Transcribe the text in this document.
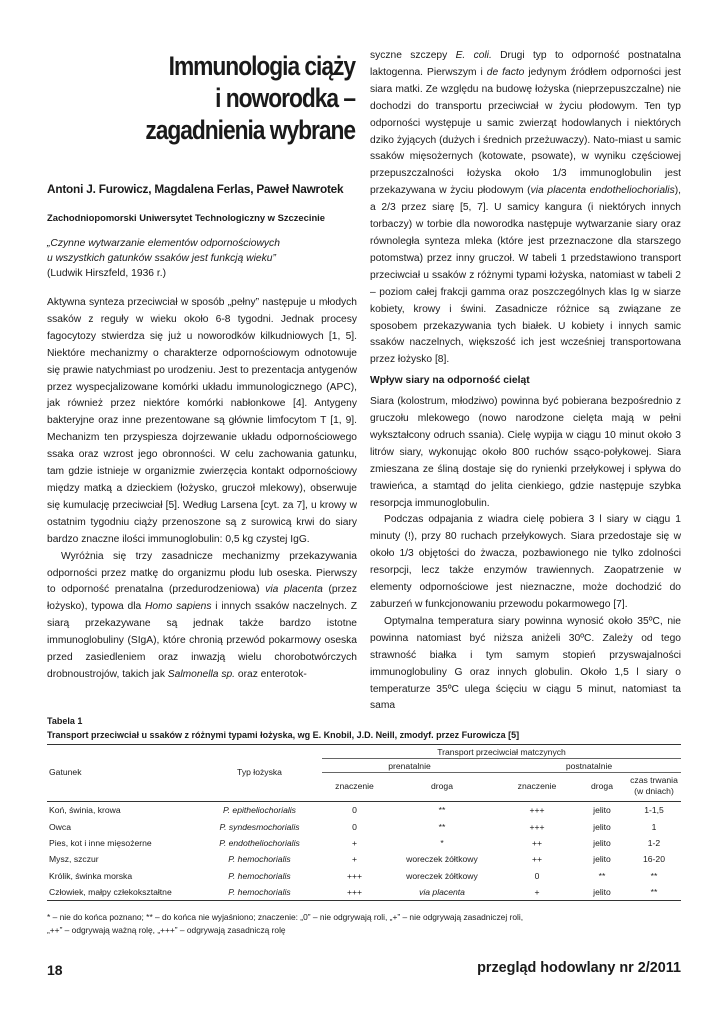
Immunologia ciąży
i noworodka –
zagadnienia wybrane
Antoni J. Furowicz, Magdalena Ferlas, Paweł Nawrotek
Zachodniopomorski Uniwersytet Technologiczny w Szczecinie
„Czynne wytwarzanie elementów odpornościowych
u wszystkich gatunków ssaków jest funkcją wieku”
(Ludwik Hirszfeld, 1936 r.)

Aktywna synteza przeciwciał w sposób „pełny” następuje u młodych ssaków z reguły w wieku około 6-8 tygodni. Jednak procesy fagocytozy stwierdza się już u noworodków kilkudniowych [1, 5]. Niektóre mechanizmy o charakterze odpornościowym odnotowuje się prawie natychmiast po urodzeniu. Jest to prezentacja antygenów przez wyspecjalizowane komórki układu immunologicznego (APC), jak również przez niektóre komórki nabłonkowe [4]. Antygeny bakteryjne oraz inne prezentowane są głównie limfocytom T [1, 9]. Mechanizm ten przyspiesza dojrzewanie układu odpornościowego ssaka oraz wzrost jego obronności. W celu zachowania gatunku, tam gdzie istnieje w organizmie zwierzęcia kontakt odpornościowy między matką a dzieckiem (łożysko, gruczoł mlekowy), obserwuje się kumulację przeciwciał [5]. Według Larsena [cyt. za 7], u krowy w ostatnim tygodniu ciąży przenoszone są z surowicą krwi do siary bardzo znaczne ilości immunoglobulin: 0,5 kg czystej IgG.

Wyróżnia się trzy zasadnicze mechanizmy przekazywania odporności przez matkę do organizmu płodu lub oseska. Pierwszy to odporność prenatalna (przedurodzeniowa) via placenta (przez łożysko), typowa dla Homo sapiens i innych ssaków naczelnych. Z siarą przekazywane są jednak także bardzo istotne immunoglobuliny (SIgA), które chronią przewód pokarmowy oseska przed zasiedleniem oraz inwazją wielu chorobotwórczych drobnoustrojów, takich jak Salmonella sp. oraz enterotok-

syczne szczepy E. coli. Drugi typ to odporność postnatalna laktogenna. Pierwszym i de facto jedynym źródłem odporności jest siara matki. Ze względu na budowę łożyska (nieprzepuszczalne) nie dochodzi do transportu przeciwciał w życiu płodowym. Ten typ odporności występuje u samic zwierząt hodowlanych i niektórych dziko żyjących (dużych i średnich przeżuwaczy). Nato-miast u samic ssaków mięsożernych (kotowate, psowate), w wyniku częściowej przepuszczalności łożyska około 1/3 immunoglobulin jest przekazywana w życiu płodowym (via placenta endotheliochorialis), a 2/3 przez siarę [5, 7]. U samicy kangura (i niektórych innych torbaczy) w torbie dla noworodka następuje wytwarzanie siary oraz równoległa synteza mleka (które jest przeznaczone dla starszego potomstwa) przez inny gruczoł. W tabeli 1 przedstawiono transport przeciwciał u ssaków z różnymi typami łożyska, natomiast w tabeli 2 – poziom całej frakcji gamma oraz poszczególnych klas Ig w siarze kobiety, krowy i świni. Zasadnicze różnice są związane ze sposobem przekazywania tych białek. U kobiety i innych samic ssaków naczelnych, większość ich jest wcześniej transportowana przez łożysko [8].

Wpływ siary na odporność cieląt

Siara (kolostrum, młodziwo) powinna być pobierana bezpośrednio z gruczołu mlekowego (nowo narodzone cielęta mają w pełni wykształcony odruch ssania). Cielę wypija w ciągu 10 minut około 3 litrów siary, wykonując około 800 ruchów ssąco-połykowej. Siara zmieszana ze śliną dostaje się do rynienki przełykowej i spływa do trawieńca, a stamtąd do jelita cienkiego, gdzie następuje szybka resorpcja immunoglobulin.

Podczas odpajania z wiadra cielę pobiera 3 l siary w ciągu 1 minuty (!), przy 80 ruchach przełykowych. Siara przedostaje się w około 1/3 objętości do żwacza, pozbawionego nie tylko zdolności resorpcji, lecz także enzymów trawiennych. Zaopatrzenie w elementy odpornościowe jest nieznaczne, może dochodzić do zaburzeń w funkcjonowaniu przewodu pokarmowego [7].

Optymalna temperatura siary powinna wynosić około 35ºC, nie powinna natomiast być niższa aniżeli 30ºC. Zależy od tego strawność białka i tym samym stopień przyswajalności immunoglobuliny G oraz innych globulin. Około 1,5 l siary o temperaturze 35ºC ulega ścięciu w ciągu 5 minut, natomiast ta sama

Tabela 1
Transport przeciwciał u ssaków z różnymi typami łożyska, wg E. Knobil, J.D. Neill, zmodyf. przez Furowicza [5]
Gatunek	Typ łożyska	Transport przeciwciał matczynych				
		prenatalnie		postnatalnie		
		znaczenie	droga	znaczenie	droga	czas trwania (w dniach)

Koń, świnia, krowa	P. epitheliochorialis	0	**	+++	jelito	1-1,5
Owca	P. syndesmochorialis	0	**	+++	jelito	1
Pies, kot i inne mięsożerne	P. endotheliochorialis	+	*	++	jelito	1-2
Mysz, szczur	P. hemochorialis	+	woreczek żółtkowy	++	jelito	16-20
Królik, świnka morska	P. hemochorialis	+++	woreczek żółtkowy	0	**	**
Człowiek, małpy człekokształtne	P. hemochorialis	+++	via placenta	+	jelito	**
* – nie do końca poznano; ** – do końca nie wyjaśniono; znaczenie: „0” – nie odgrywają roli, „+” – nie odgrywają zasadniczej roli,
„++” – odgrywają ważną rolę, „+++” – odgrywają zasadniczą rolę
18	przegląd hodowlany nr 2/2011
